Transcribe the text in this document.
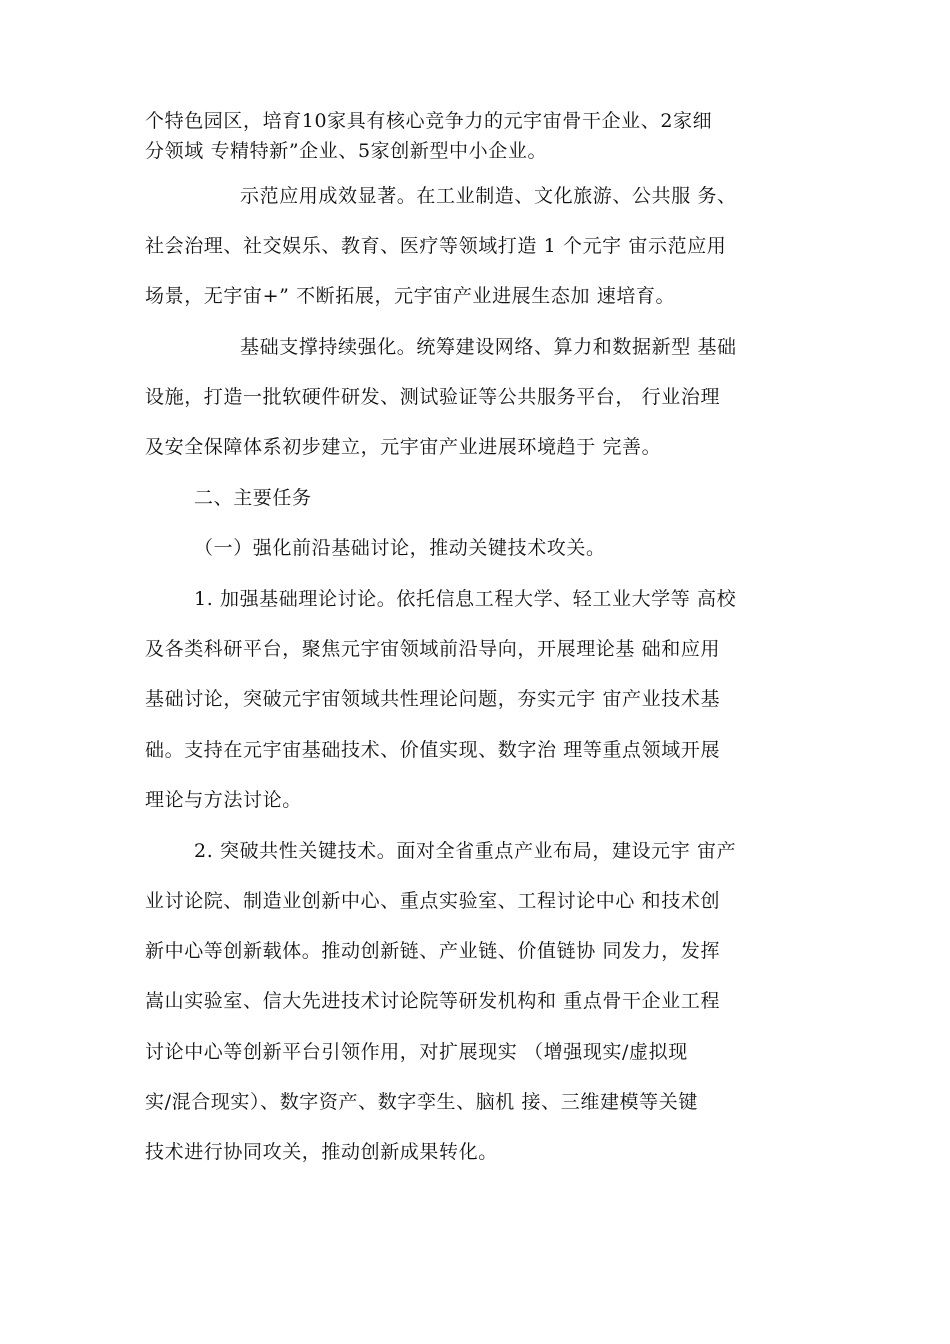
个特色园区，培育10家具有核心竞争力的元宇宙骨干企业、2家细
分领域 专精特新”企业、5家创新型中小企业。
示范应用成效显著。在工业制造、文化旅游、公共服 务、
社会治理、社交娱乐、教育、医疗等领域打造 1 个元宇 宙示范应用
场景，无宇宙+” 不断拓展，元宇宙产业进展生态加 速培育。
基础支撑持续强化。统筹建设网络、算力和数据新型 基础
设施，打造一批软硬件研发、测试验证等公共服务平台， 行业治理
及安全保障体系初步建立，元宇宙产业进展环境趋于 完善。
二、主要任务
（一）强化前沿基础讨论，推动关键技术攻关。
1. 加强基础理论讨论。依托信息工程大学、轻工业大学等 高校
及各类科研平台，聚焦元宇宙领域前沿导向，开展理论基 础和应用
基础讨论，突破元宇宙领域共性理论问题，夯实元宇 宙产业技术基
础。支持在元宇宙基础技术、价值实现、数字治 理等重点领域开展
理论与方法讨论。
2. 突破共性关键技术。面对全省重点产业布局，建设元宇 宙产
业讨论院、制造业创新中心、重点实验室、工程讨论中心 和技术创
新中心等创新载体。推动创新链、产业链、价值链协 同发力，发挥
嵩山实验室、信大先进技术讨论院等研发机构和 重点骨干企业工程
讨论中心等创新平台引领作用，对扩展现实 （增强现实/虚拟现
实/混合现实）、数字资产、数字孪生、脑机 接、三维建模等关键
技术进行协同攻关，推动创新成果转化。
